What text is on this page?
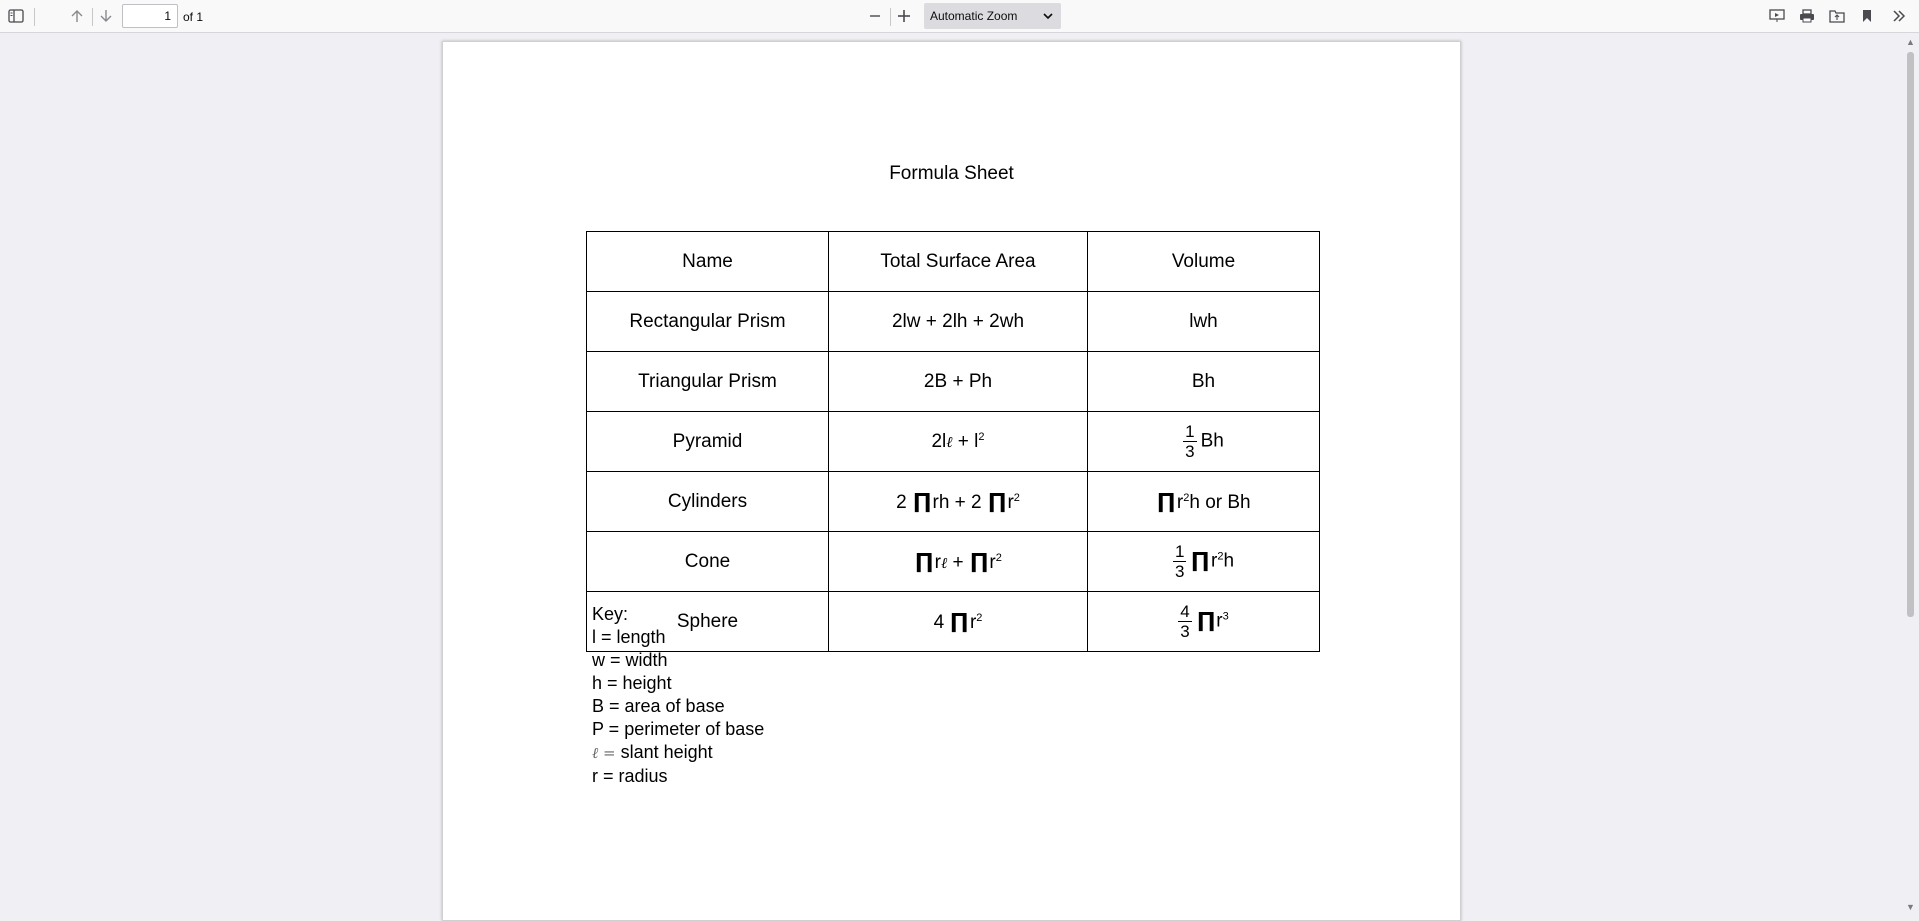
1
of 1	Automatic Zoom
▲
▼
Formula Sheet
Name	Total Surface Area	Volume
Rectangular Prism	2lw + 2lh + 2wh	lwh
Triangular Prism	2B + Ph	Bh
Pyramid	2lℓ + $l^2$	$\frac{1}{3}$ Bh
Cylinders	2 ∏rh + 2 $\prod r^2$	$\prod r^2h$ or Bh
Cone	∏rℓ + $\prod r^2$	$\frac{1}{3}$ $\prod r^2h$
Sphere	4 $\prod r^2$	$\frac{4}{3}$ $\prod r^3$
Key:
l = length
w = width
h = height
B = area of base
P = perimeter of base
ℓ = slant height
r = radius
